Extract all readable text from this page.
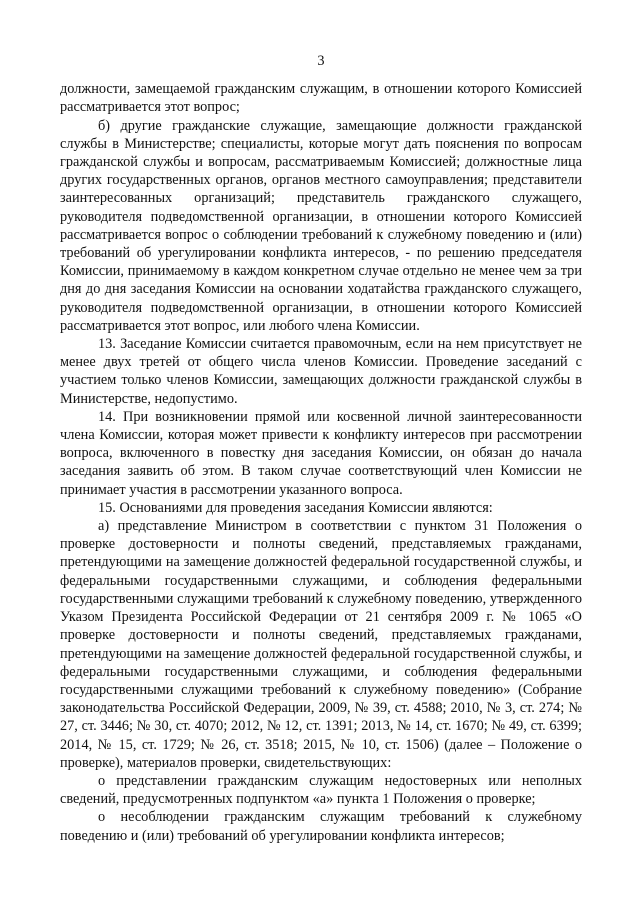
3

должности, замещаемой гражданским служащим, в отношении которого Комиссией рассматривается этот вопрос;

б) другие гражданские служащие, замещающие должности гражданской службы в Министерстве; специалисты, которые могут дать пояснения по вопросам гражданской службы и вопросам, рассматриваемым Комиссией; должностные лица других государственных органов, органов местного самоуправления; представители заинтересованных организаций; представитель гражданского служащего, руководителя подведомственной организации, в отношении которого Комиссией рассматривается вопрос о соблюдении требований к служебному поведению и (или) требований об урегулировании конфликта интересов, - по решению председателя Комиссии, принимаемому в каждом конкретном случае отдельно не менее чем за три дня до дня заседания Комиссии на основании ходатайства гражданского служащего, руководителя подведомственной организации, в отношении которого Комиссией рассматривается этот вопрос, или любого члена Комиссии.

13. Заседание Комиссии считается правомочным, если на нем присутствует не менее двух третей от общего числа членов Комиссии. Проведение заседаний с участием только членов Комиссии, замещающих должности гражданской службы в Министерстве, недопустимо.

14. При возникновении прямой или косвенной личной заинтересованности члена Комиссии, которая может привести к конфликту интересов при рассмотрении вопроса, включенного в повестку дня заседания Комиссии, он обязан до начала заседания заявить об этом. В таком случае соответствующий член Комиссии не принимает участия в рассмотрении указанного вопроса.

15. Основаниями для проведения заседания Комиссии являются:

а) представление Министром в соответствии с пунктом 31 Положения о проверке достоверности и полноты сведений, представляемых гражданами, претендующими на замещение должностей федеральной государственной службы, и федеральными государственными служащими, и соблюдения федеральными государственными служащими требований к служебному поведению, утвержденного Указом Президента Российской Федерации от 21 сентября 2009 г. № 1065 «О проверке достоверности и полноты сведений, представляемых гражданами, претендующими на замещение должностей федеральной государственной службы, и федеральными государственными служащими, и соблюдения федеральными государственными служащими требований к служебному поведению» (Собрание законодательства Российской Федерации, 2009, № 39, ст. 4588; 2010, № 3, ст. 274; № 27, ст. 3446; № 30, ст. 4070; 2012, № 12, ст. 1391; 2013, № 14, ст. 1670; № 49, ст. 6399; 2014, № 15, ст. 1729; № 26, ст. 3518; 2015, № 10, ст. 1506) (далее – Положение о проверке), материалов проверки, свидетельствующих:

о представлении гражданским служащим недостоверных или неполных сведений, предусмотренных подпунктом «а» пункта 1 Положения о проверке;

о несоблюдении гражданским служащим требований к служебному поведению и (или) требований об урегулировании конфликта интересов;
